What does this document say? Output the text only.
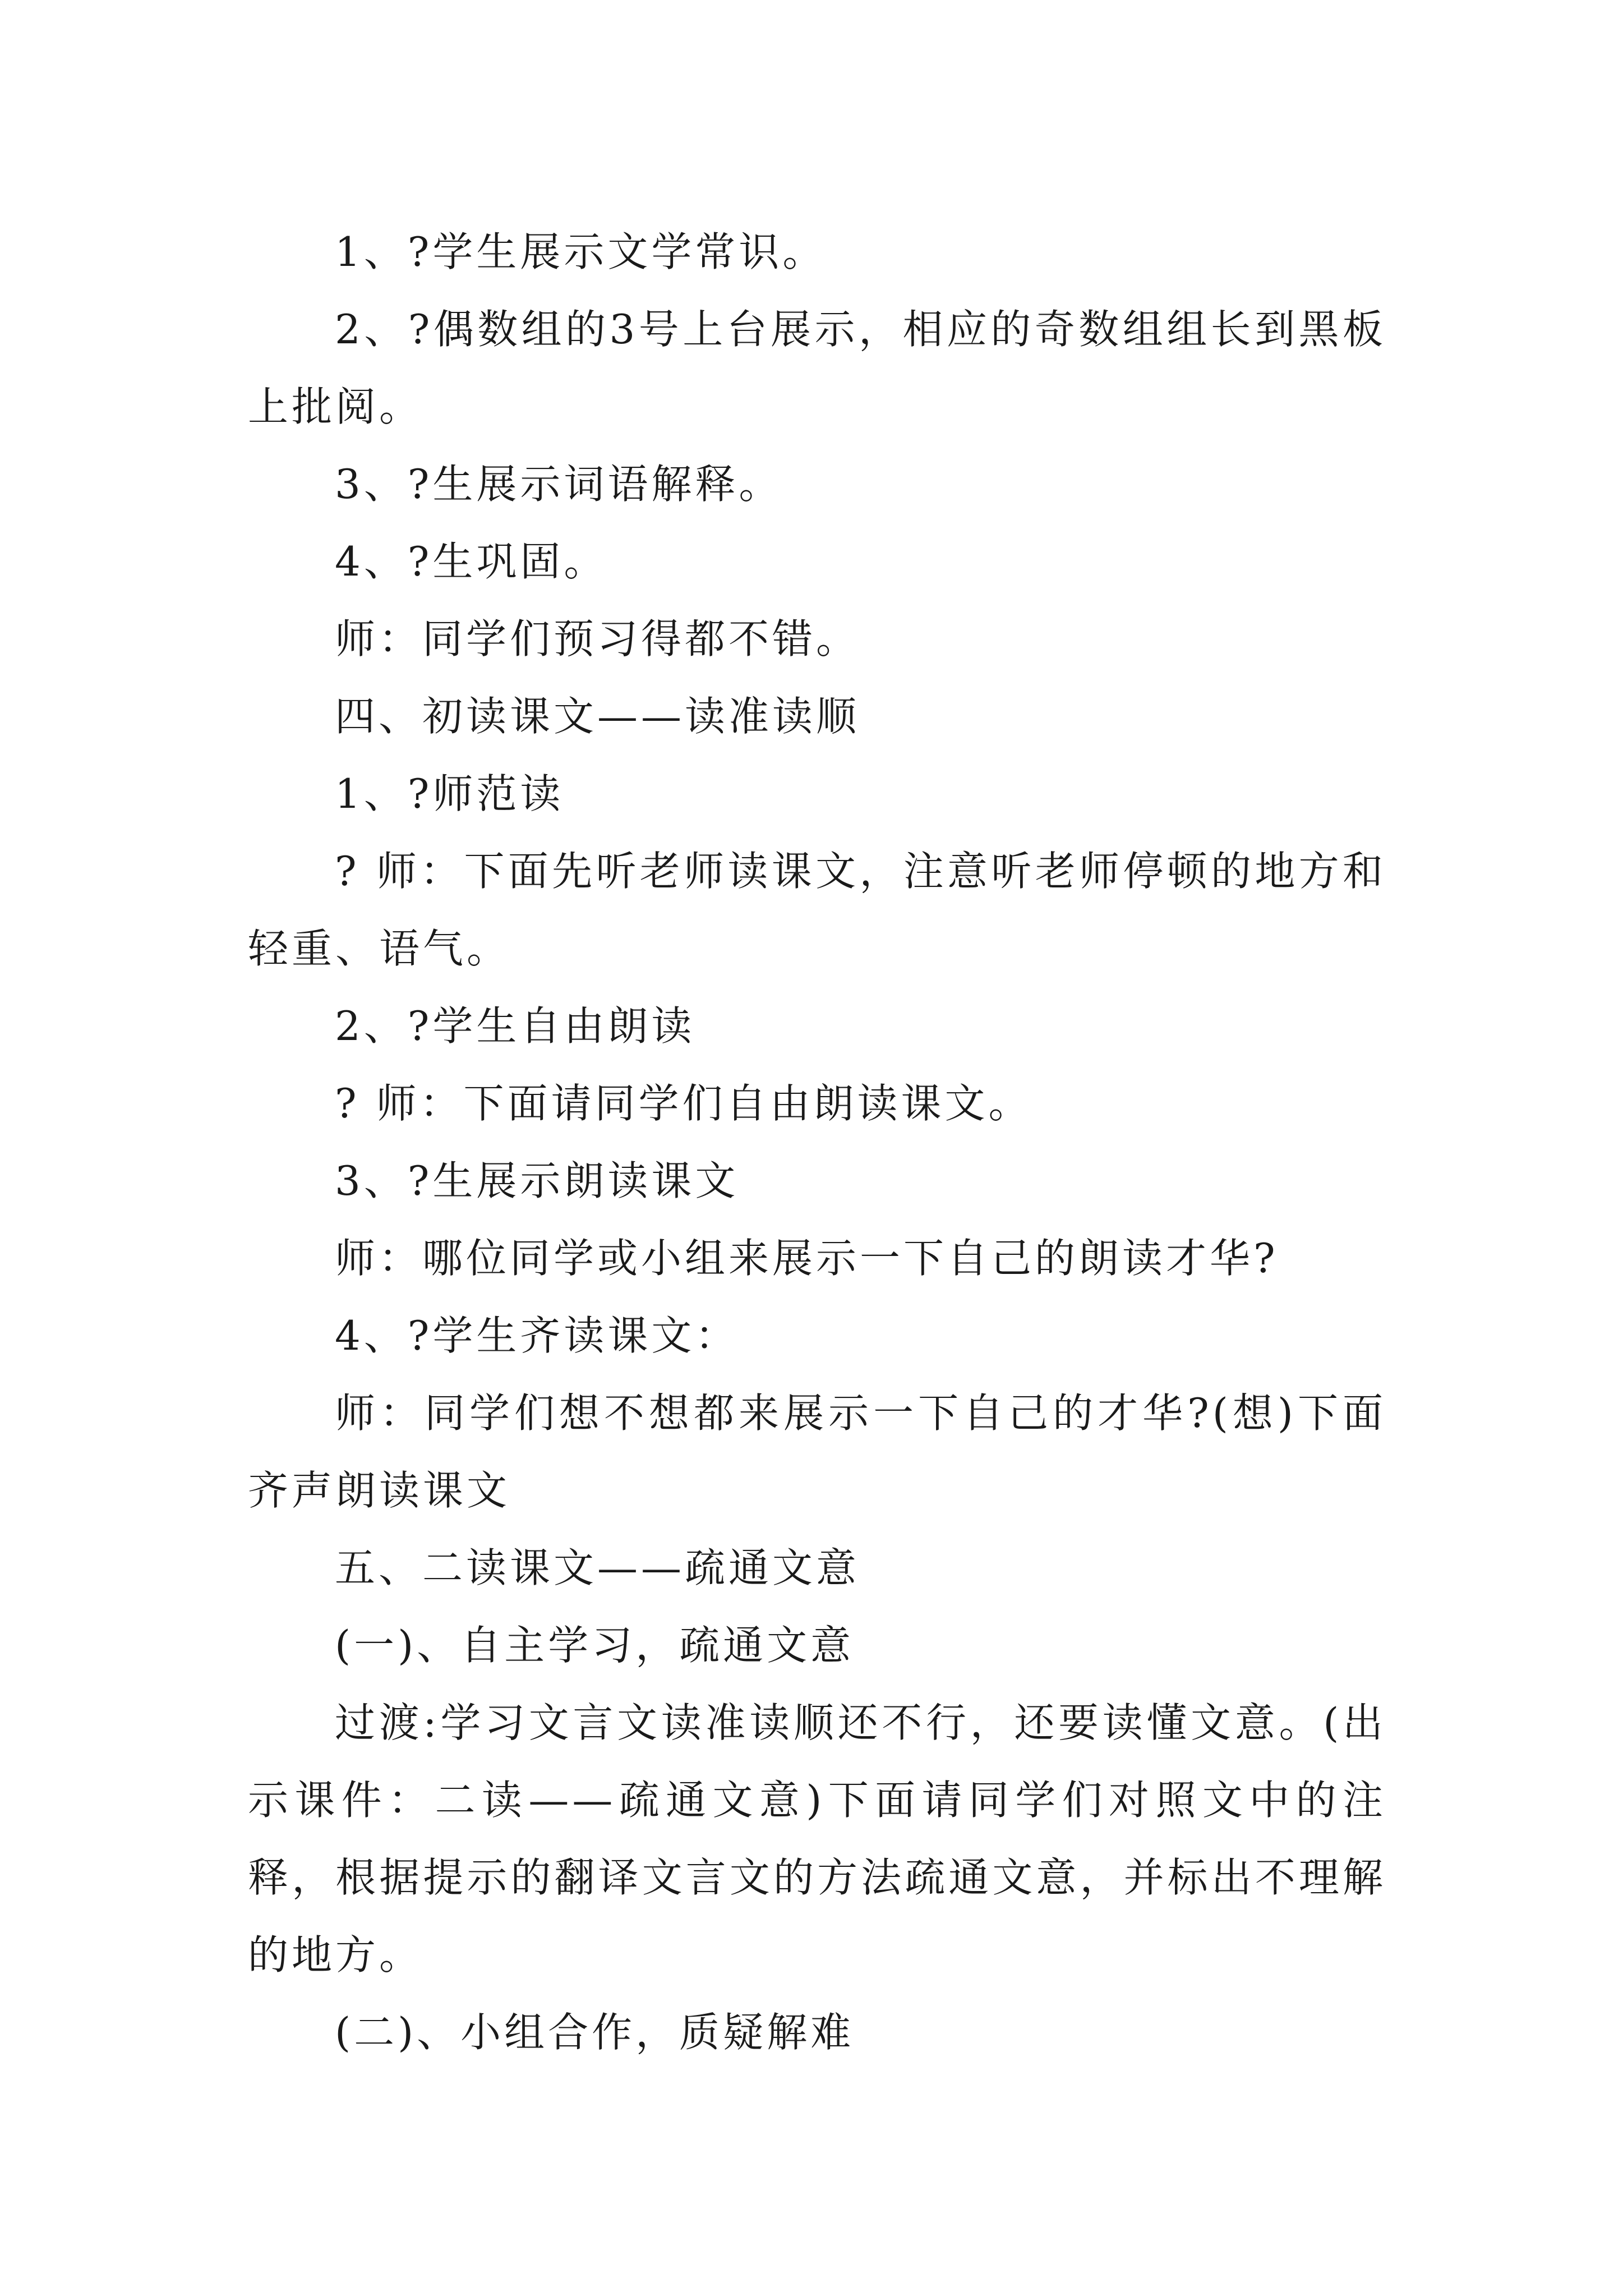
1、?学生展示文学常识。

2、?偶数组的3号上台展示，相应的奇数组组长到黑板上批阅。

3、?生展示词语解释。

4、?生巩固。

师：同学们预习得都不错。

四、初读课文——读准读顺

1、?师范读

? 师：下面先听老师读课文，注意听老师停顿的地方和轻重、语气。

2、?学生自由朗读

? 师：下面请同学们自由朗读课文。

3、?生展示朗读课文

师：哪位同学或小组来展示一下自己的朗读才华?

4、?学生齐读课文：

师：同学们想不想都来展示一下自己的才华?(想)下面齐声朗读课文

五、二读课文——疏通文意

(一)、自主学习，疏通文意

过渡:学习文言文读准读顺还不行，还要读懂文意。(出示课件：二读——疏通文意)下面请同学们对照文中的注释，根据提示的翻译文言文的方法疏通文意，并标出不理解的地方。

(二)、小组合作，质疑解难
